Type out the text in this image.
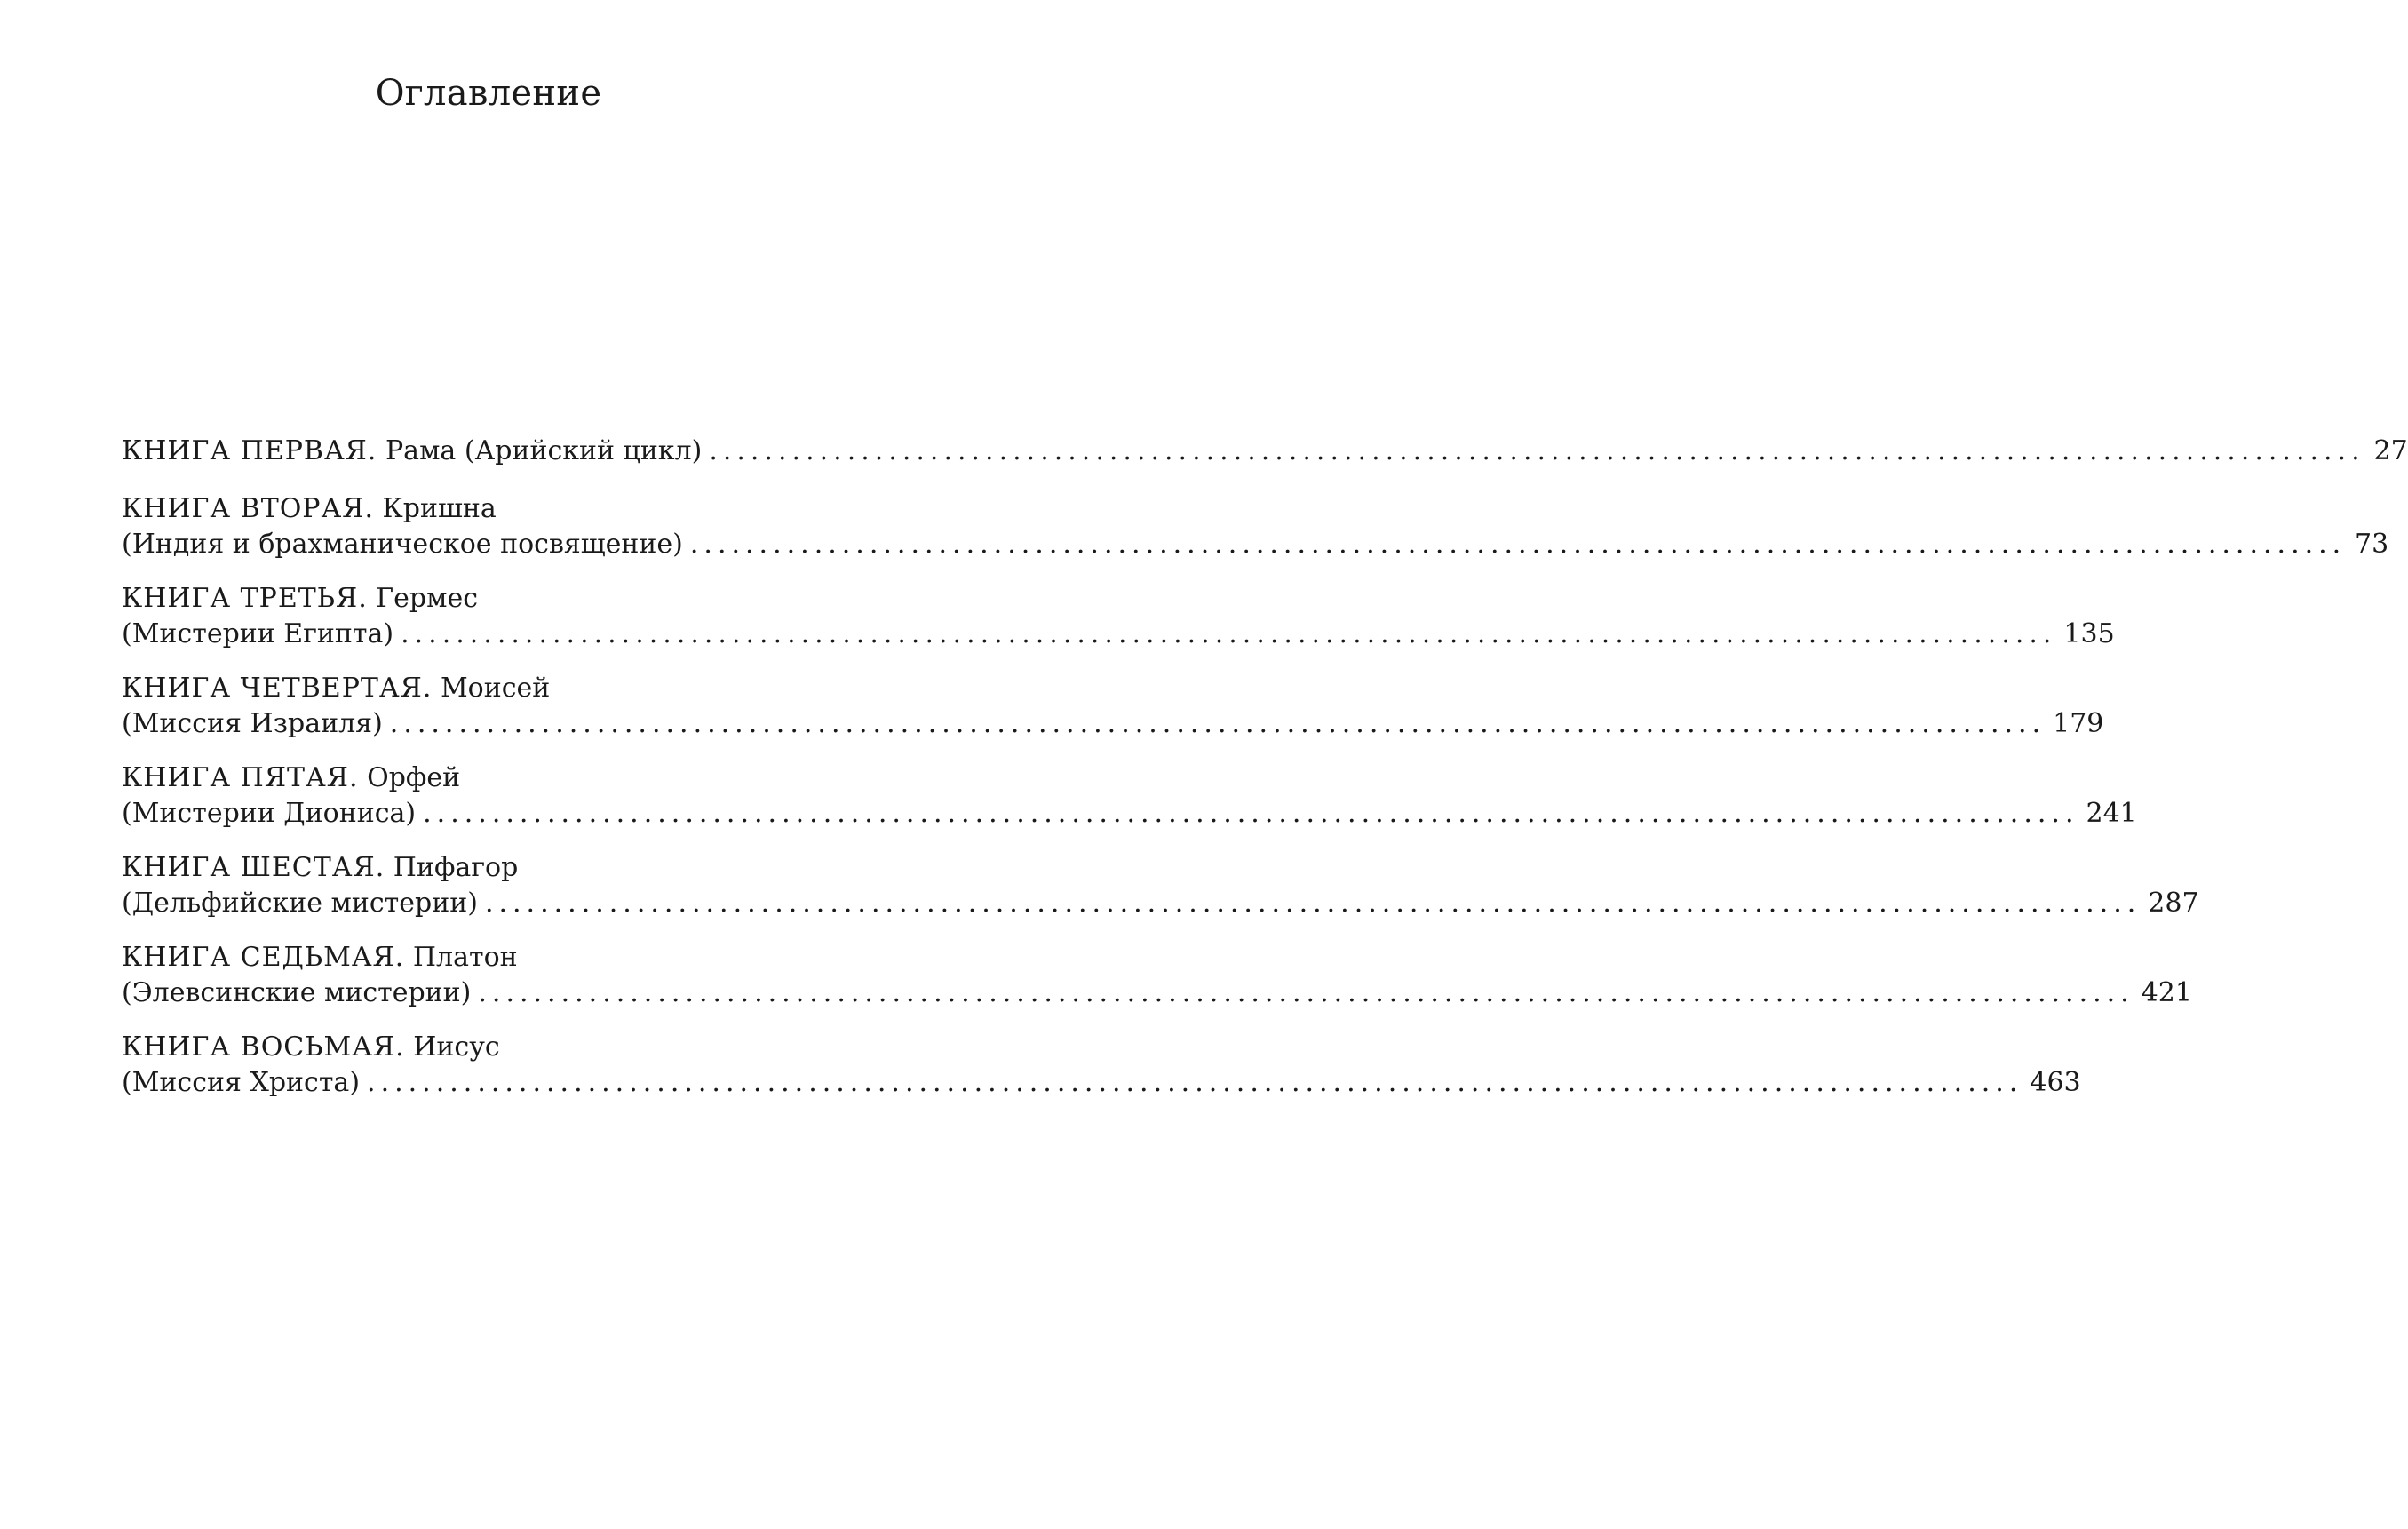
Оглавление
КНИГА ПЕРВАЯ. Рама (Арийский цикл) ........................................................................................................................ 27
КНИГА ВТОРАЯ. Кришна
(Индия и брахманическое посвящение) ........................................................................................................................ 73
КНИГА ТРЕТЬЯ. Гермес
(Мистерии Египта) ........................................................................................................................ 135
КНИГА ЧЕТВЕРТАЯ. Моисей
(Миссия Израиля) ........................................................................................................................ 179
КНИГА ПЯТАЯ. Орфей
(Мистерии Диониса) ........................................................................................................................ 241
КНИГА ШЕСТАЯ. Пифагор
(Дельфийские мистерии) ........................................................................................................................ 287
КНИГА СЕДЬМАЯ. Платон
(Элевсинские мистерии) ........................................................................................................................ 421
КНИГА ВОСЬМАЯ. Иисус
(Миссия Христа) ........................................................................................................................ 463
